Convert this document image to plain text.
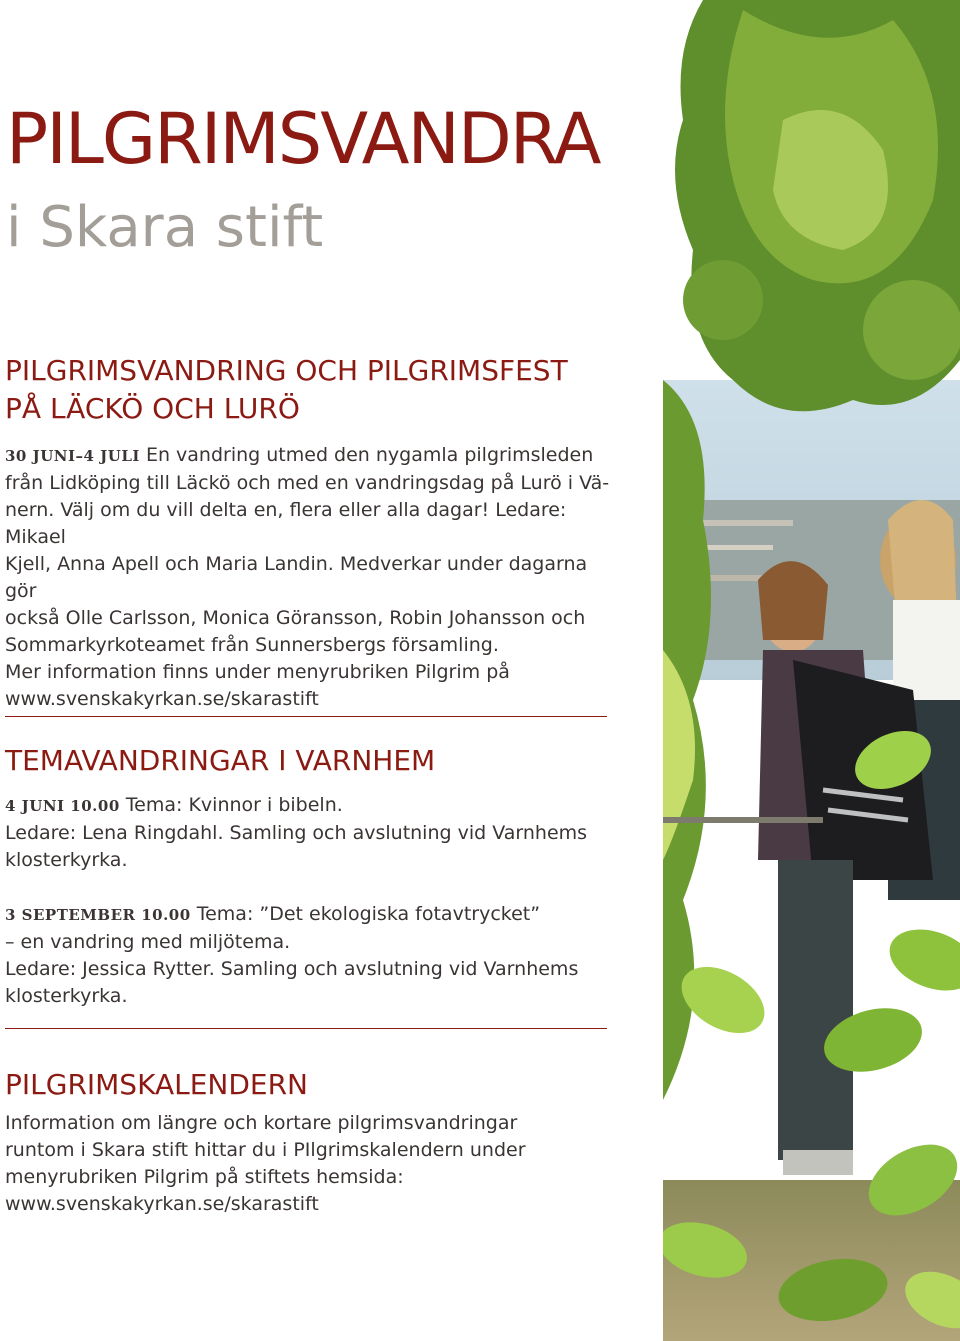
PILGRIMSVANDRA
i Skara stift
PILGRIMSVANDRING OCH PILGRIMSFEST
PÅ LÄCKÖ OCH LURÖ

30 JUNI–4 JULI En vandring utmed den nygamla pilgrimsleden
från Lidköping till Läckö och med en vandringsdag på Lurö i Vä-
nern. Välj om du vill delta en, flera eller alla dagar! Ledare: Mikael
Kjell, Anna Apell och Maria Landin. Medverkar under dagarna gör
också Olle Carlsson, Monica Göransson, Robin Johansson och
Sommarkyrkoteamet från Sunnersbergs församling.
Mer information finns under menyrubriken Pilgrim på
www.svenskakyrkan.se/skarastift

TEMAVANDRINGAR I VARNHEM

4 JUNI 10.00 Tema: Kvinnor i bibeln.
Ledare: Lena Ringdahl. Samling och avslutning vid Varnhems
klosterkyrka.

3 SEPTEMBER 10.00 Tema: ”Det ekologiska fotavtrycket”
– en vandring med miljötema.
Ledare: Jessica Rytter. Samling och avslutning vid Varnhems
klosterkyrka.

PILGRIMSKALENDERN

Information om längre och kortare pilgrimsvandringar
runtom i Skara stift hittar du i PIlgrimskalendern under
menyrubriken Pilgrim på stiftets hemsida:
www.svenskakyrkan.se/skarastift
